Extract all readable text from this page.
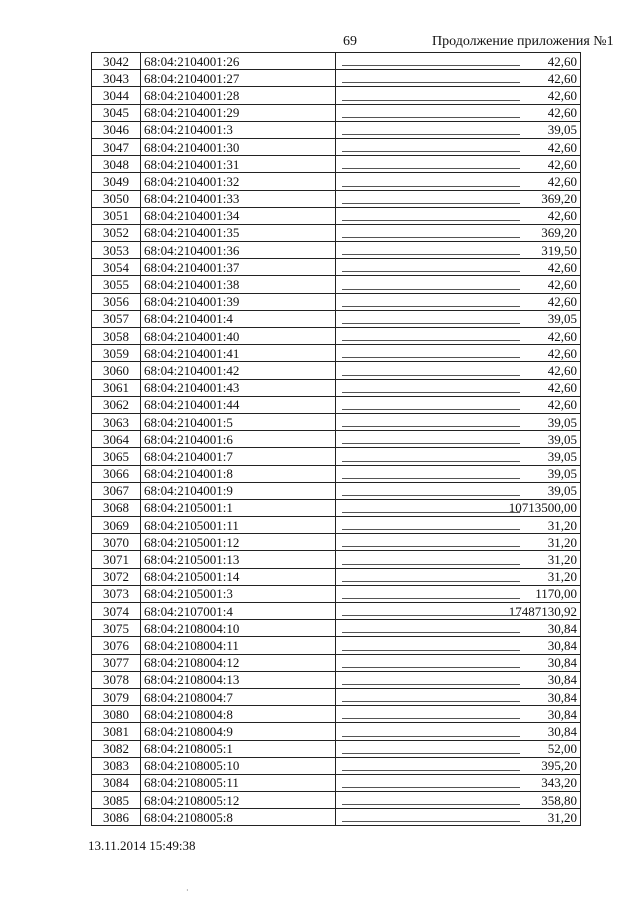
69	Продолжение приложения №1
3042	68:04:2104001:26	42,60
3043	68:04:2104001:27	42,60
3044	68:04:2104001:28	42,60
3045	68:04:2104001:29	42,60
3046	68:04:2104001:3	39,05
3047	68:04:2104001:30	42,60
3048	68:04:2104001:31	42,60
3049	68:04:2104001:32	42,60
3050	68:04:2104001:33	369,20
3051	68:04:2104001:34	42,60
3052	68:04:2104001:35	369,20
3053	68:04:2104001:36	319,50
3054	68:04:2104001:37	42,60
3055	68:04:2104001:38	42,60
3056	68:04:2104001:39	42,60
3057	68:04:2104001:4	39,05
3058	68:04:2104001:40	42,60
3059	68:04:2104001:41	42,60
3060	68:04:2104001:42	42,60
3061	68:04:2104001:43	42,60
3062	68:04:2104001:44	42,60
3063	68:04:2104001:5	39,05
3064	68:04:2104001:6	39,05
3065	68:04:2104001:7	39,05
3066	68:04:2104001:8	39,05
3067	68:04:2104001:9	39,05
3068	68:04:2105001:1	10713500,00
3069	68:04:2105001:11	31,20
3070	68:04:2105001:12	31,20
3071	68:04:2105001:13	31,20
3072	68:04:2105001:14	31,20
3073	68:04:2105001:3	1170,00
3074	68:04:2107001:4	17487130,92
3075	68:04:2108004:10	30,84
3076	68:04:2108004:11	30,84
3077	68:04:2108004:12	30,84
3078	68:04:2108004:13	30,84
3079	68:04:2108004:7	30,84
3080	68:04:2108004:8	30,84
3081	68:04:2108004:9	30,84
3082	68:04:2108005:1	52,00
3083	68:04:2108005:10	395,20
3084	68:04:2108005:11	343,20
3085	68:04:2108005:12	358,80
3086	68:04:2108005:8	31,20
13.11.2014 15:49:38
·
